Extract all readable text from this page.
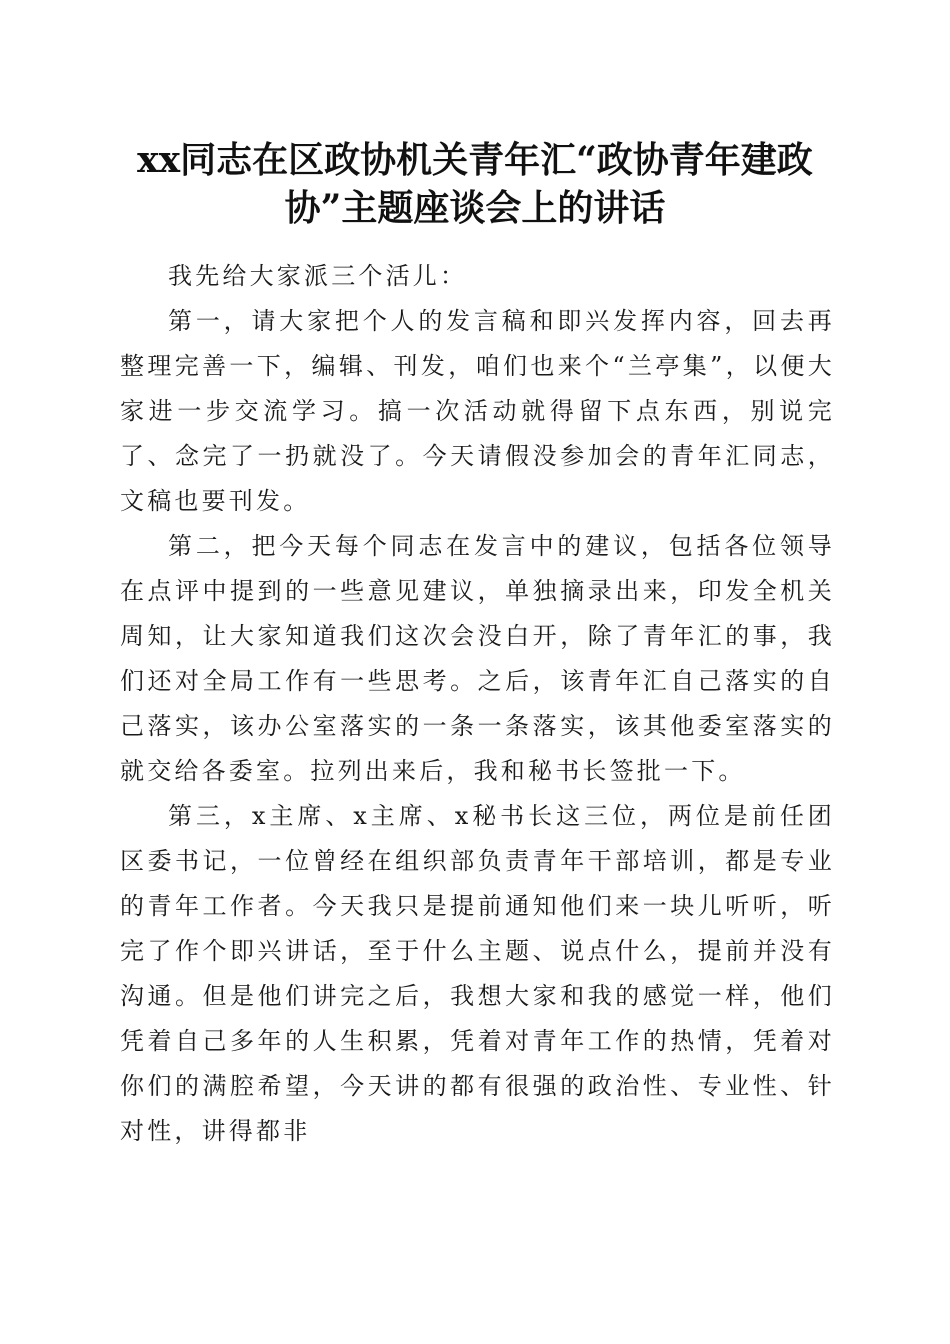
xx同志在区政协机关青年汇“政协青年建政
协”主题座谈会上的讲话

我先给大家派三个活儿：

第一，请大家把个人的发言稿和即兴发挥内容，回去再整理完善一下，编辑、刊发，咱们也来个“兰亭集”，以便大家进一步交流学习。搞一次活动就得留下点东西，别说完了、念完了一扔就没了。今天请假没参加会的青年汇同志，文稿也要刊发。

第二，把今天每个同志在发言中的建议，包括各位领导在点评中提到的一些意见建议，单独摘录出来，印发全机关周知，让大家知道我们这次会没白开，除了青年汇的事，我们还对全局工作有一些思考。之后，该青年汇自己落实的自己落实，该办公室落实的一条一条落实，该其他委室落实的就交给各委室。拉列出来后，我和秘书长签批一下。

第三，x主席、x主席、x秘书长这三位，两位是前任团区委书记，一位曾经在组织部负责青年干部培训，都是专业的青年工作者。今天我只是提前通知他们来一块儿听听，听完了作个即兴讲话，至于什么主题、说点什么，提前并没有沟通。但是他们讲完之后，我想大家和我的感觉一样，他们凭着自己多年的人生积累，凭着对青年工作的热情，凭着对你们的满腔希望，今天讲的都有很强的政治性、专业性、针对性，讲得都非
